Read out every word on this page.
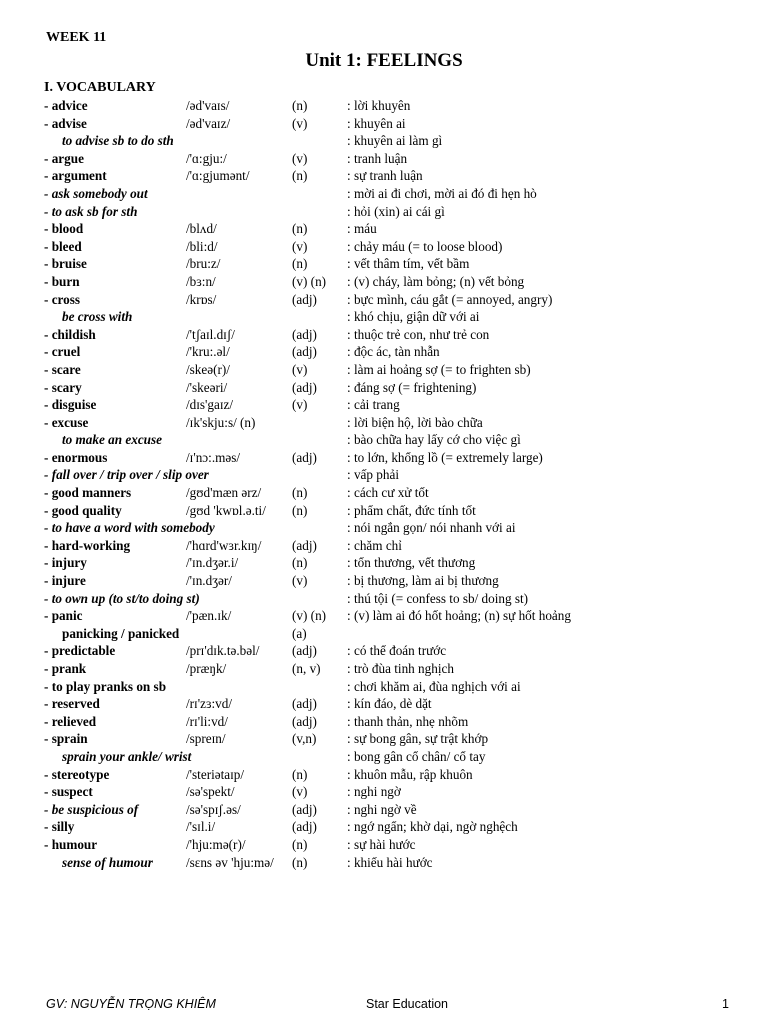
WEEK 11
Unit 1: FEELINGS
I. VOCABULARY
- advice	/əd'vaɪs/	(n)	: lời khuyên
- advise	/əd'vaɪz/	(v)	: khuyên ai
to advise sb to do sth	: khuyên ai làm gì
- argue	/'ɑ:gju:/	(v)	: tranh luận
- argument	/'ɑ:gjumənt/	(n)	: sự tranh luận
- ask somebody out	: mời ai đi chơi, mời ai đó đi hẹn hò
- to ask sb for sth	: hỏi (xin) ai cái gì
- blood	/blʌd/	(n)	: máu
- bleed	/bli:d/	(v)	: chảy máu (= to loose blood)
- bruise	/bru:z/	(n)	: vết thâm tím, vết bầm
- burn	/bɜ:n/	(v) (n) : (v) cháy, làm bỏng; (n) vết bỏng
- cross	/krɒs/	(adj) : bực mình, cáu gắt (= annoyed, angry)
be cross with	: khó chịu, giận dữ với ai
- childish	/'tʃaɪl.dɪʃ/	(adj) : thuộc trẻ con, như trẻ con
- cruel	/'kru:.əl/	(adj) : độc ác, tàn nhẫn
- scare	/skeə(r)/	(v)	: làm ai hoảng sợ (= to frighten sb)
- scary	/'skeəri/	(adj) : đáng sợ (= frightening)
- disguise	/dɪs'gaɪz/	(v)	: cải trang
- excuse	/ɪk'skju:s/ (n)	: lời biện hộ, lời bào chữa
to make an excuse	: bào chữa hay lấy cớ cho việc gì
- enormous	/ɪ'nɔ:.məs/	(adj) : to lớn, khổng lồ (= extremely large)
- fall over / trip over / slip over	: vấp phải
- good manners	/gʊd'mæn ərz/ (n)	: cách cư xử tốt
- good quality	/gʊd 'kwɒl.ə.ti/ (n)	: phẩm chất, đức tính tốt
- to have a word with somebody	: nói ngắn gọn/ nói nhanh với ai
- hard-working	/'hɑrd'wɜr.kɪŋ/ (adj) : chăm chỉ
- injury	/'ɪn.dʒər.i/	(n)	: tổn thương, vết thương
- injure	/'ɪn.dʒər/	(v)	: bị thương, làm ai bị thương
- to own up (to st/to doing st)	: thú tội (= confess to sb/ doing st)
- panic	/'pæn.ɪk/	(v) (n) : (v) làm ai đó hốt hoảng; (n) sự hốt hoảng
panicking / panicked	(a)
- predictable	/prɪ'dɪk.tə.bəl/ (adj) : có thể đoán trước
- prank	/præŋk/	(n, v) : trò đùa tinh nghịch
- to play pranks on sb	: chơi khăm ai, đùa nghịch với ai
- reserved	/rɪ'zɜ:vd/	(adj) : kín đáo, dè dặt
- relieved	/rɪ'li:vd/	(adj) : thanh thản, nhẹ nhõm
- sprain	/spreɪn/	(v,n) : sự bong gân, sự trật khớp
sprain your ankle/ wrist	: bong gân cổ chân/ cổ tay
- stereotype	/'steriətaɪp/	(n)	: khuôn mẫu, rập khuôn
- suspect	/sə'spekt/	(v)	: nghi ngờ
- be suspicious of	/sə'spɪʃ.əs/	(adj) : nghi ngờ về
- silly	/'sɪl.i/	(adj) : ngớ ngẩn; khờ dại, ngờ nghệch
- humour	/'hju:mə(r)/	(n)	: sự hài hước
sense of humour	/sɛns əv 'hju:mə/ (n)	: khiếu hài hước
GV: NGUYỄN TRỌNG KHIÊM	Star Education	1
